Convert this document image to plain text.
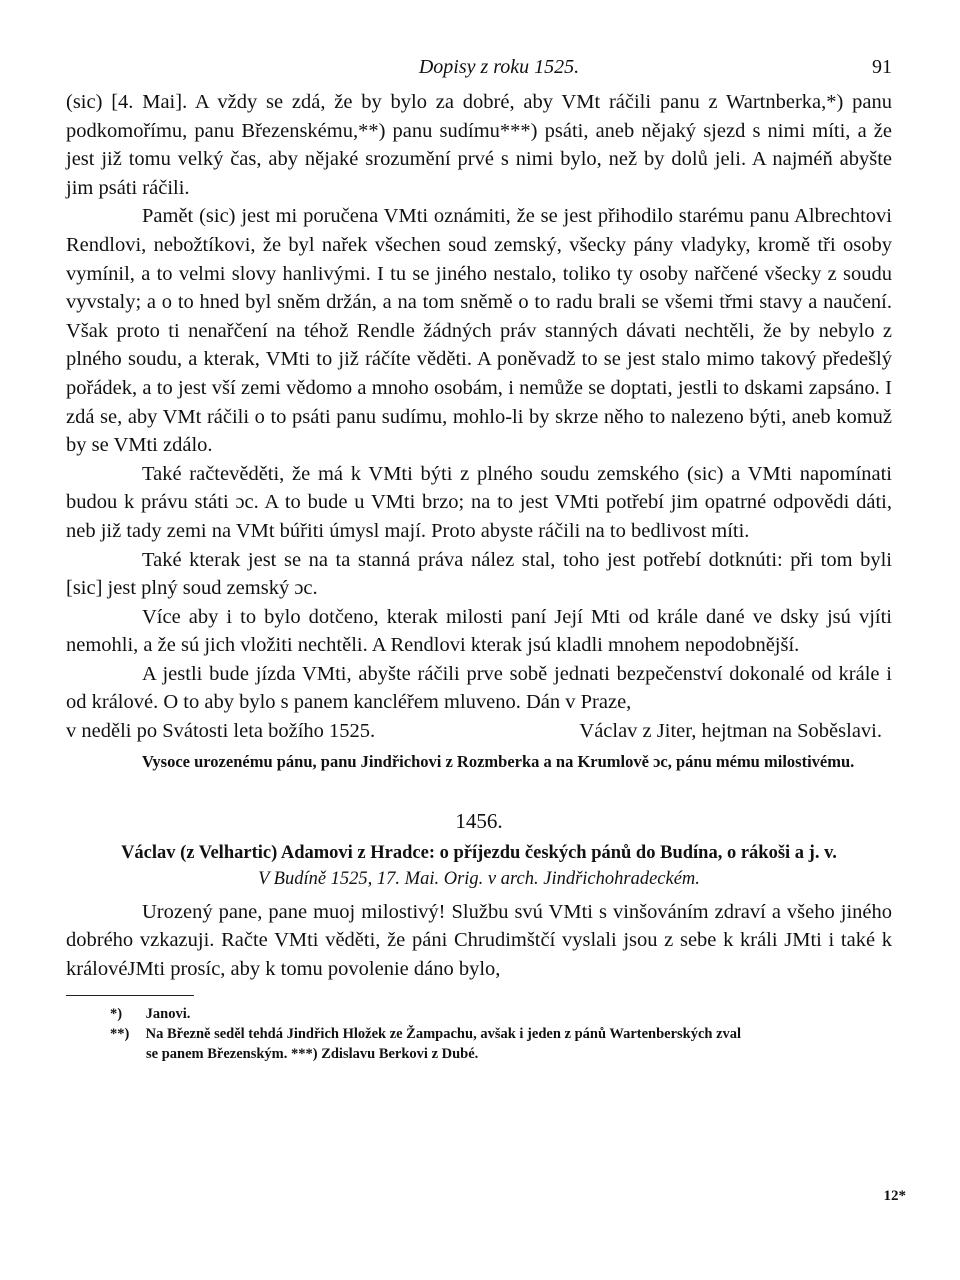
Dopisy z roku 1525.	91

(sic) [4. Mai]. A vždy se zdá, že by bylo za dobré, aby VMt ráčili panu z Wartnberka,*) panu podkomořímu, panu Březenskému,**) panu sudímu***) psáti, aneb nějaký sjezd s nimi míti, a že jest již tomu velký čas, aby nějaké srozumění prvé s nimi bylo, než by dolů jeli. A najméň abyšte jim psáti ráčili.

Pamět (sic) jest mi poručena VMti oznámiti, že se jest přihodilo starému panu Albrechtovi Rendlovi, nebožtíkovi, že byl nařek všechen soud zemský, všecky pány vladyky, kromě tři osoby vymínil, a to velmi slovy hanlivými. I tu se jiného nestalo, toliko ty osoby nařčené všecky z soudu vyvstaly; a o to hned byl sněm držán, a na tom sněmě o to radu brali se všemi třmi stavy a naučení. Však proto ti nenařčení na téhož Rendle žádných práv stanných dávati nechtěli, že by nebylo z plného soudu, a kterak, VMti to již ráčíte věděti. A poněvadž to se jest stalo mimo takový předešlý pořádek, a to jest vší zemi vědomo a mnoho osobám, i nemůže se doptati, jestli to dskami zapsáno. I zdá se, aby VMt ráčili o to psáti panu sudímu, mohlo-li by skrze něho to nalezeno býti, aneb komuž by se VMti zdálo.

Také račtevěděti, že má k VMti býti z plného soudu zemského (sic) a VMti napomínati budou k právu státi ɔc. A to bude u VMti brzo; na to jest VMti potřebí jim opatrné odpovědi dáti, neb již tady zemi na VMt búřiti úmysl mají. Proto abyste ráčili na to bedlivost míti.

Také kterak jest se na ta stanná práva nález stal, toho jest potřebí dotknúti: při tom byli [sic] jest plný soud zemský ɔc.

Více aby i to bylo dotčeno, kterak milosti paní Její Mti od krále dané ve dsky jsú vjíti nemohli, a že sú jich vložiti nechtěli. A Rendlovi kterak jsú kladli mnohem nepodobnější.

A jestli bude jízda VMti, abyšte ráčili prve sobě jednati bezpečenství dokonalé od krále i od králové. O to aby bylo s panem kancléřem mluveno. Dán v Praze,

v neděli po Svátosti leta božího 1525.	Václav z Jiter, hejtman na Soběslavi.
Vysoce urozenému pánu, panu Jindřichovi z Rozmberka a na Krumlově ɔc, pánu mému milostivému.
1456.
Václav (z Velhartic) Adamovi z Hradce: o příjezdu českých pánů do Budína, o rákoši a j. v.
V Budíně 1525, 17. Mai. Orig. v arch. Jindřichohradeckém.

Urozený pane, pane muoj milostivý! Službu svú VMti s vinšováním zdraví a všeho jiného dobrého vzkazuji. Račte VMti věděti, že páni Chrudimštčí vyslali jsou z sebe k králi JMti i také k královéJMti prosíc, aby k tomu povolenie dáno bylo,

*) Janovi.
**) Na Březně seděl tehdá Jindřich Hložek ze Žampachu, avšak i jeden z pánů Wartenberských zval
se panem Březenským. ***) Zdislavu Berkovi z Dubé.
12*
